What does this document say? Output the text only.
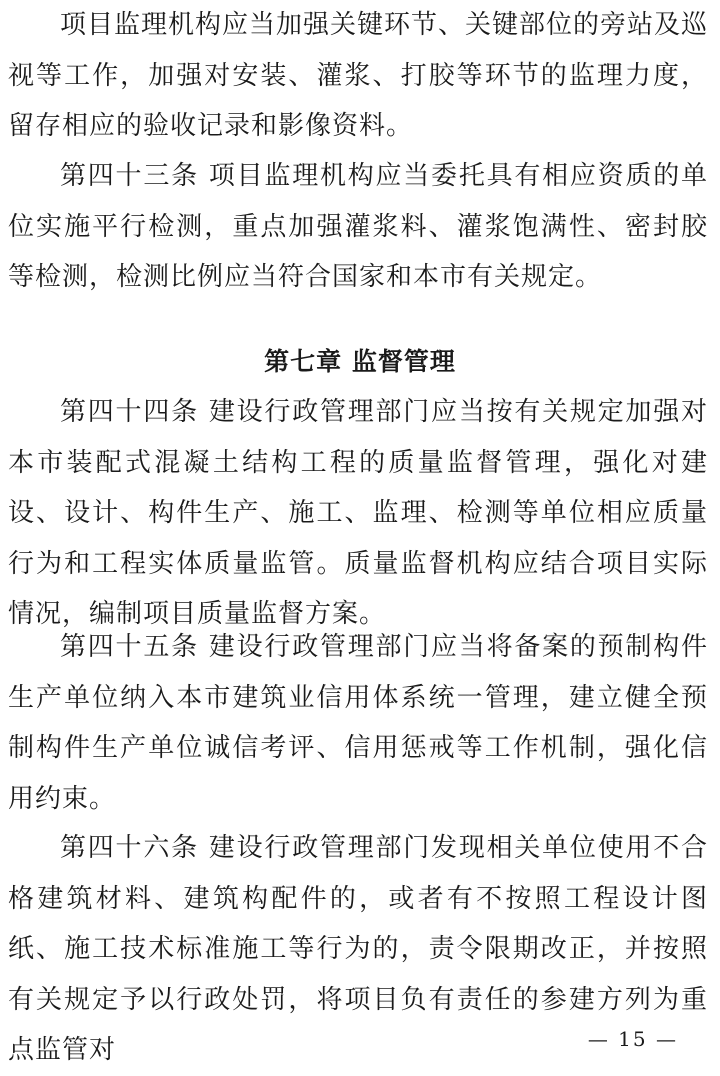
项目监理机构应当加强关键环节、关键部位的旁站及巡视等工作，加强对安装、灌浆、打胶等环节的监理力度，留存相应的验收记录和影像资料。

第四十三条 项目监理机构应当委托具有相应资质的单位实施平行检测，重点加强灌浆料、灌浆饱满性、密封胶等检测，检测比例应当符合国家和本市有关规定。

第七章 监督管理

第四十四条 建设行政管理部门应当按有关规定加强对本市装配式混凝土结构工程的质量监督管理，强化对建设、设计、构件生产、施工、监理、检测等单位相应质量行为和工程实体质量监管。质量监督机构应结合项目实际情况，编制项目质量监督方案。

第四十五条 建设行政管理部门应当将备案的预制构件生产单位纳入本市建筑业信用体系统一管理，建立健全预制构件生产单位诚信考评、信用惩戒等工作机制，强化信用约束。

第四十六条 建设行政管理部门发现相关单位使用不合格建筑材料、建筑构配件的，或者有不按照工程设计图纸、施工技术标准施工等行为的，责令限期改正，并按照有关规定予以行政处罚，将项目负有责任的参建方列为重点监管对	— 15 —
